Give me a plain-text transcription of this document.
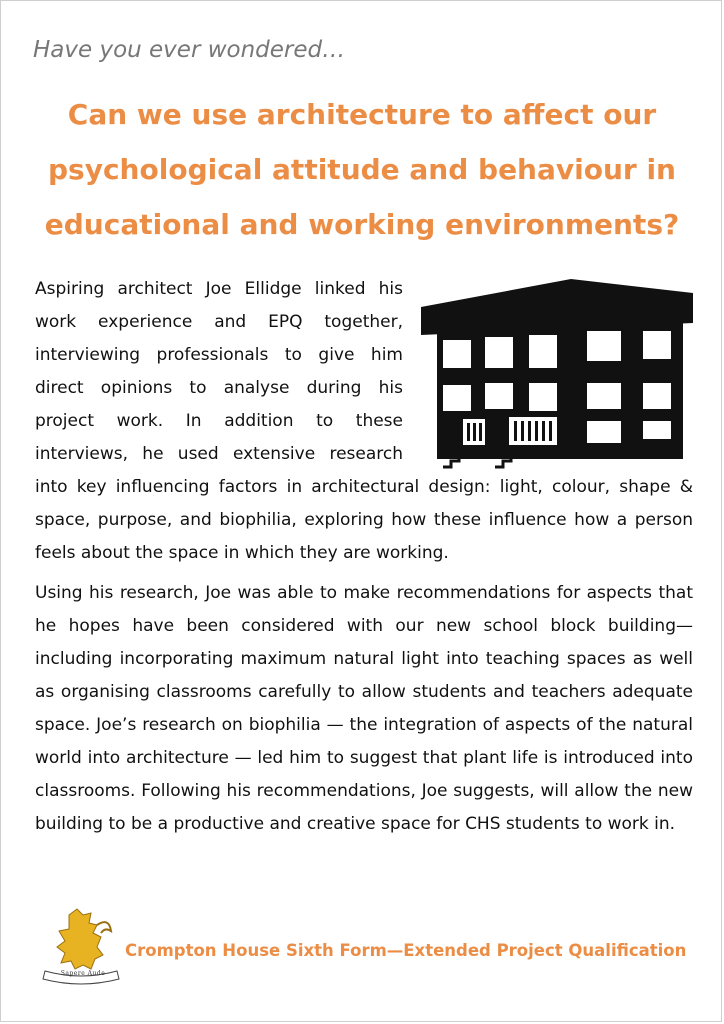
Have you ever wondered…
Can we use architecture to affect our psychological attitude and behaviour in educational and working environments?

Aspiring architect Joe Ellidge linked his work experience and EPQ together, interviewing professionals to give him direct opinions to analyse during his project work. In addition to these interviews, he used extensive research into key influencing factors in architectural design: light, colour, shape & space, purpose, and biophilia, exploring how these influence how a person feels about the space in which they are working.

Using his research, Joe was able to make recommendations for aspects that he hopes have been considered with our new school block building—including incorporating maximum natural light into teaching spaces as well as organising classrooms carefully to allow students and teachers adequate space. Joe’s research on biophilia — the integration of aspects of the natural world into architecture — led him to suggest that plant life is introduced into classrooms. Following his recommendations, Joe suggests, will allow the new building to be a productive and creative space for CHS students to work in.

Sapere Aude

Crompton House Sixth Form—Extended Project Qualification
